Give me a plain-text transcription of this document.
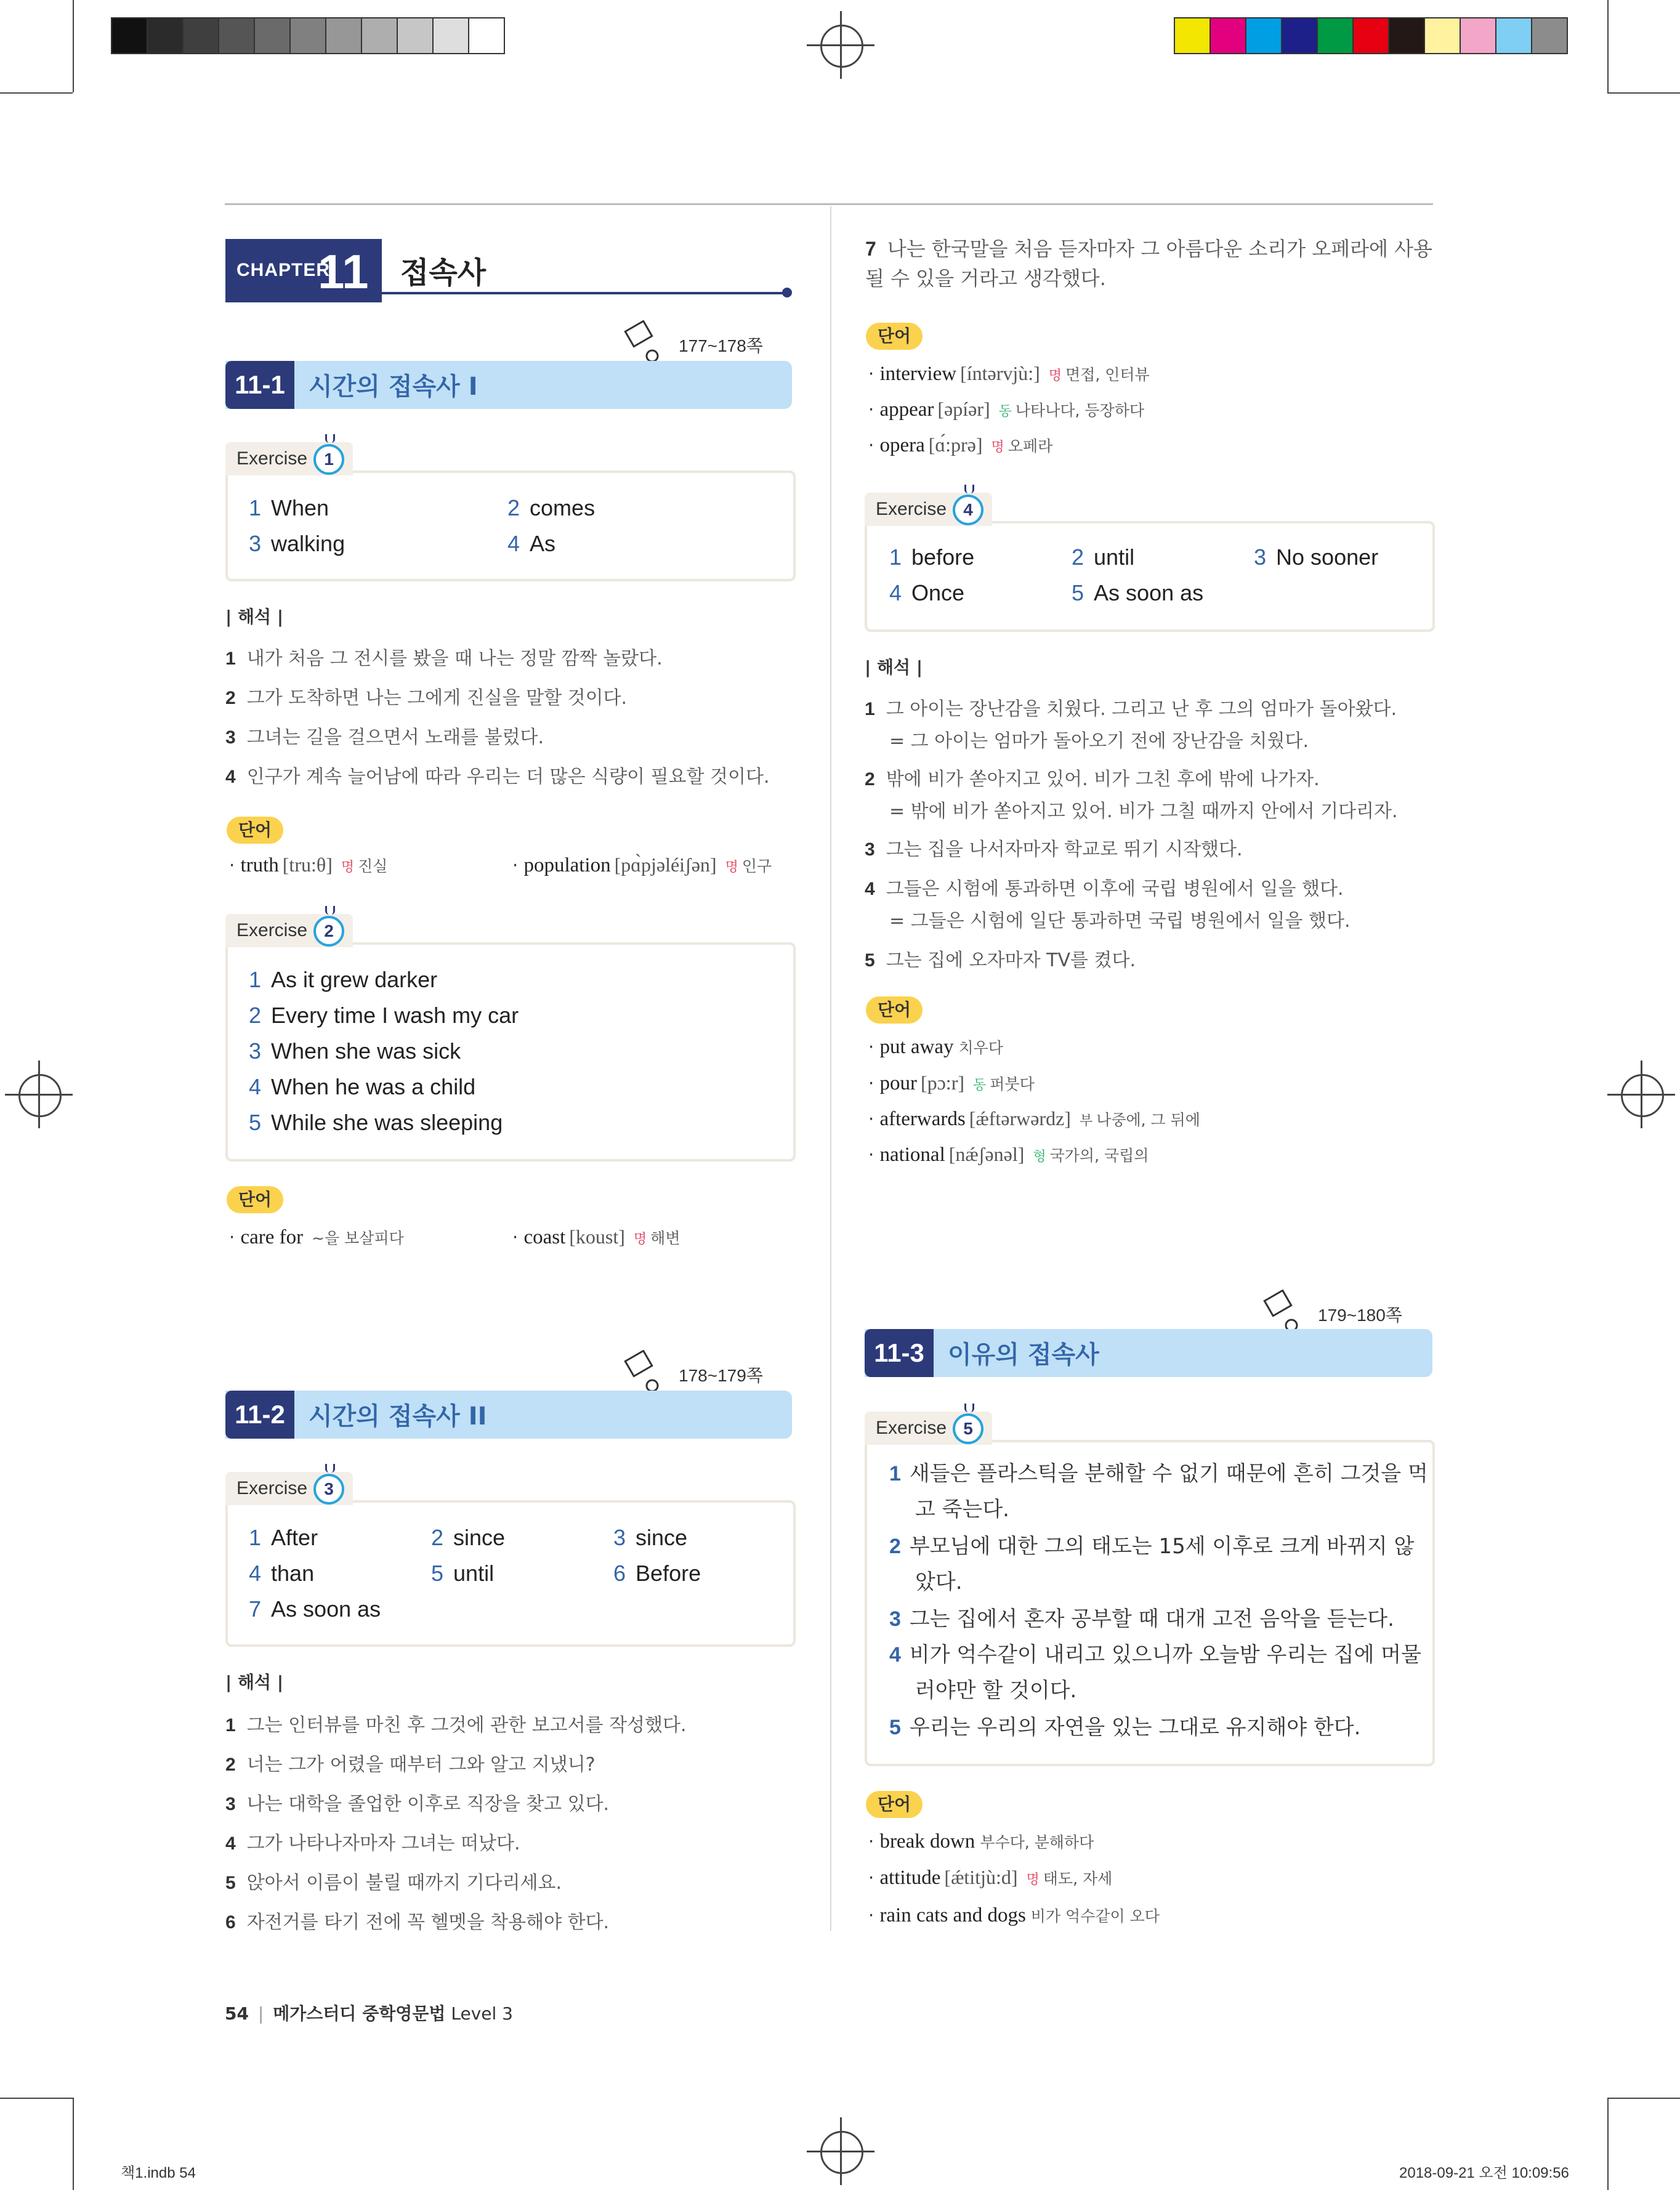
CHAPTER
11 접속사
177~178쪽
11-1 시간의 접속사 I
Exercise 1
1 When	2 comes
3 walking	4 As
| 해석 |
1 내가 처음 그 전시를 봤을 때 나는 정말 깜짝 놀랐다.
2 그가 도착하면 나는 그에게 진실을 말할 것이다.
3 그녀는 길을 걸으면서 노래를 불렀다.
4 인구가 계속 늘어남에 따라 우리는 더 많은 식량이 필요할 것이다.
단어
· truth [tru:θ] 명 진실	· population [pɑ̀pjəléiʃən] 명 인구
Exercise 2
1 As it grew darker
2 Every time I wash my car
3 When she was sick
4 When he was a child
5 While she was sleeping
단어
· care for ~을 보살피다	· coast [koust] 명 해변
178~179쪽
11-2 시간의 접속사 II
Exercise 3
1 After	2 since	3 since
4 than	5 until	6 Before
7 As soon as
| 해석 |
1 그는 인터뷰를 마친 후 그것에 관한 보고서를 작성했다.
2 너는 그가 어렸을 때부터 그와 알고 지냈니?
3 나는 대학을 졸업한 이후로 직장을 찾고 있다.
4 그가 나타나자마자 그녀는 떠났다.
5 앉아서 이름이 불릴 때까지 기다리세요.
6 자전거를 타기 전에 꼭 헬멧을 착용해야 한다.
7 나는 한국말을 처음 듣자마자 그 아름다운 소리가 오페라에 사용될 수 있을 거라고 생각했다.
단어
· interview [íntərvjù:] 명 면접, 인터뷰
· appear [əpíər] 동 나타나다, 등장하다
· opera [ɑ́:prə] 명 오페라
Exercise 4
1 before	2 until	3 No sooner
4 Once	5 As soon as
| 해석 |
1 그 아이는 장난감을 치웠다. 그리고 난 후 그의 엄마가 돌아왔다.
= 그 아이는 엄마가 돌아오기 전에 장난감을 치웠다.
2 밖에 비가 쏟아지고 있어. 비가 그친 후에 밖에 나가자.
= 밖에 비가 쏟아지고 있어. 비가 그칠 때까지 안에서 기다리자.
3 그는 집을 나서자마자 학교로 뛰기 시작했다.
4 그들은 시험에 통과하면 이후에 국립 병원에서 일을 했다.
= 그들은 시험에 일단 통과하면 국립 병원에서 일을 했다.
5 그는 집에 오자마자 TV를 켰다.
단어
· put away 치우다
· pour [pɔ:r] 동 퍼붓다
· afterwards [ǽftərwərdz] 부 나중에, 그 뒤에
· national [nǽʃənəl] 형 국가의, 국립의
179~180쪽
11-3 이유의 접속사
Exercise 5
1 새들은 플라스틱을 분해할 수 없기 때문에 흔히 그것을 먹
고 죽는다.
2 부모님에 대한 그의 태도는 15세 이후로 크게 바뀌지 않
았다.
3 그는 집에서 혼자 공부할 때 대개 고전 음악을 듣는다.
4 비가 억수같이 내리고 있으니까 오늘밤 우리는 집에 머물
러야만 할 것이다.
5 우리는 우리의 자연을 있는 그대로 유지해야 한다.
단어
· break down 부수다, 분해하다
· attitude [ǽtitjù:d] 명 태도, 자세
· rain cats and dogs 비가 억수같이 오다
54 | 메가스터디 중학영문법 Level 3
책1.indb 54	2018-09-21 오전 10:09:56
